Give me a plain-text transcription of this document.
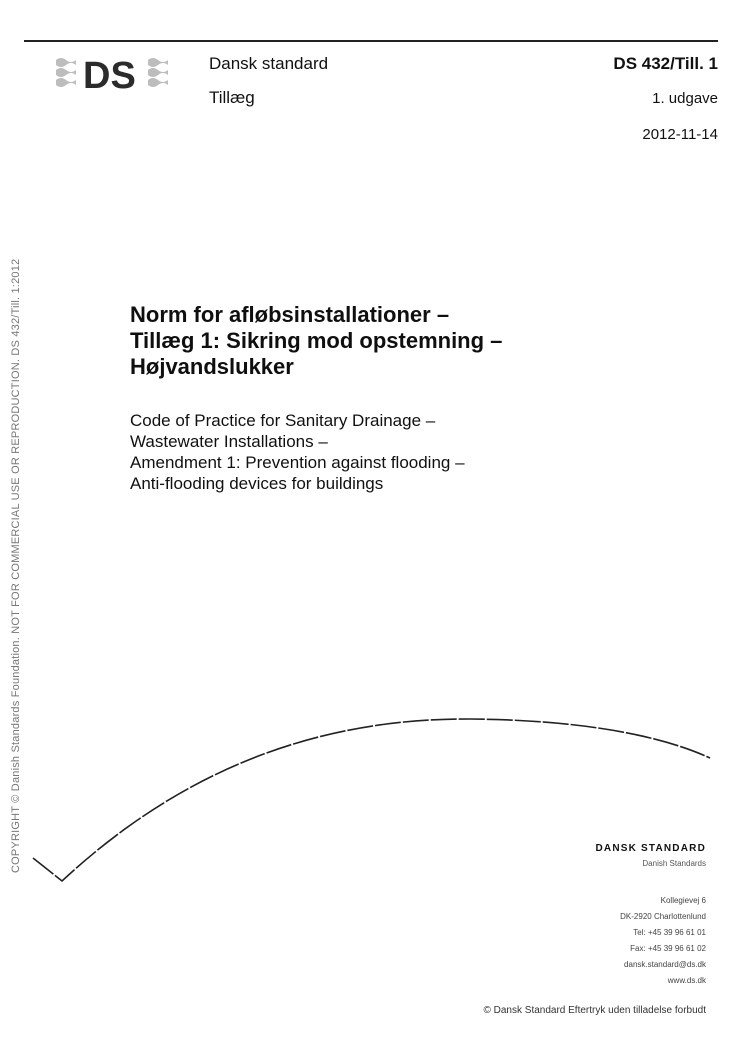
DS	Dansk standard
Tillæg
DS 432/Till. 1
1. udgave
2012-11-14
COPYRIGHT © Danish Standards Foundation. NOT FOR COMMERCIAL USE OR REPRODUCTION. DS 432/Till. 1:2012	Norm for afløbsinstallationer –
Tillæg 1: Sikring mod opstemning –
Højvandslukker
Code of Practice for Sanitary Drainage –
Wastewater Installations –
Amendment 1: Prevention against flooding –
Anti-flooding devices for buildings
DANSK STANDARD
Danish Standards
Kollegievej 6
DK-2920 Charlottenlund
Tel: +45 39 96 61 01
Fax: +45 39 96 61 02
dansk.standard@ds.dk
www.ds.dk
© Dansk Standard Eftertryk uden tilladelse forbudt
